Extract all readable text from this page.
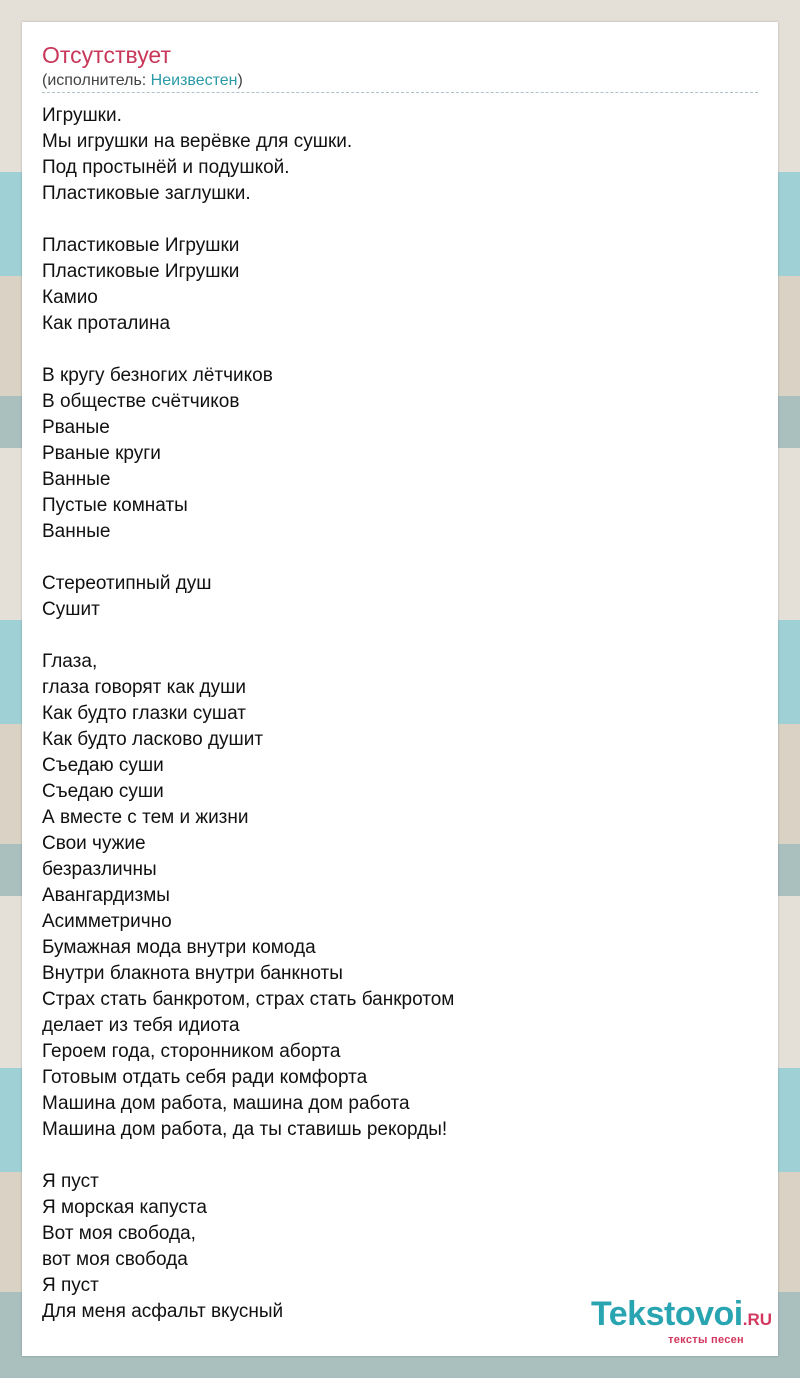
Отсутствует
(исполнитель: Неизвестен)
Игрушки.
Мы игрушки на верёвке для сушки.
Под простынёй и подушкой.
Пластиковые заглушки.
Пластиковые Игрушки
Пластиковые Игрушки
Камио
Как проталина
В кругу безногих лётчиков
В обществе счётчиков
Рваные
Рваные круги
Ванные
Пустые комнаты
Ванные
Стереотипный душ
Сушит
Глаза,
глаза говорят как души
Как будто глазки сушат
Как будто ласково душит
Съедаю суши
Съедаю суши
А вместе с тем и жизни
Свои чужие
безразличны
Авангардизмы
Асимметрично
Бумажная мода внутри комода
Внутри блакнота внутри банкноты
Страх стать банкротом, страх стать банкротом
делает из тебя идиота
Героем года, сторонником аборта
Готовым отдать себя ради комфорта
Машина дом работа, машина дом работа
Машина дом работа, да ты ставишь рекорды!
Я пуст
Я морская капуста
Вот моя свобода,
вот моя свобода
Я пуст
Для меня асфальт вкусный	Tekstovoi.RU
тексты песен
